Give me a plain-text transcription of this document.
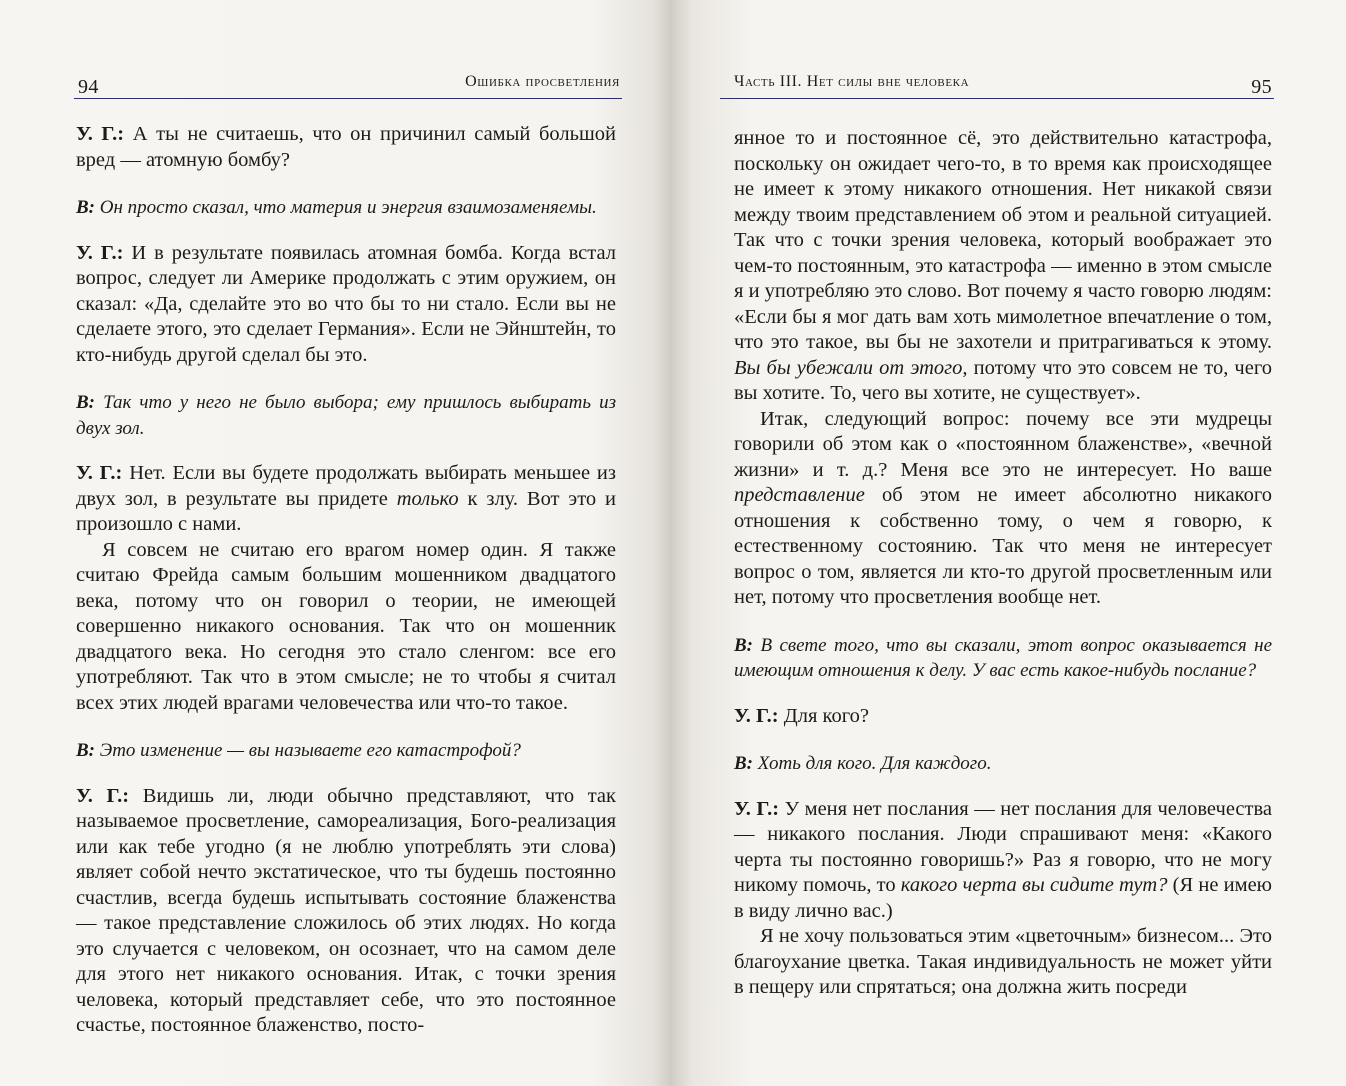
94	Ошибка просветления

У. Г.: А ты не считаешь, что он причинил самый большой вред — атомную бомбу?

В: Он просто сказал, что материя и энергия взаимозаменяемы.

У. Г.: И в результате появилась атомная бомба. Когда встал вопрос, следует ли Америке продолжать с этим оружием, он сказал: «Да, сделайте это во что бы то ни стало. Если вы не сделаете этого, это сделает Германия». Если не Эйнштейн, то кто-нибудь другой сделал бы это.

В: Так что у него не было выбора; ему пришлось выбирать из двух зол.

У. Г.: Нет. Если вы будете продолжать выбирать меньшее из двух зол, в результате вы придете только к злу. Вот это и произошло с нами.

Я совсем не считаю его врагом номер один. Я также считаю Фрейда самым большим мошенником двадцатого века, потому что он говорил о теории, не имеющей совершенно никакого основания. Так что он мошенник двадцатого века. Но сегодня это стало сленгом: все его употребляют. Так что в этом смысле; не то чтобы я считал всех этих людей врагами человечества или что-то такое.

В: Это изменение — вы называете его катастрофой?

У. Г.: Видишь ли, люди обычно представляют, что так называемое просветление, самореализация, Бого-реализация или как тебе угодно (я не люблю употреблять эти слова) являет собой нечто экстатическое, что ты будешь постоянно счастлив, всегда будешь испытывать состояние блаженства — такое представление сложилось об этих людях. Но когда это случается с человеком, он осознает, что на самом деле для этого нет никакого основания. Итак, с точки зрения человека, который представляет себе, что это постоянное счастье, постоянное блаженство, посто-

Часть III. Нет силы вне человека	95

янное то и постоянное сё, это действительно катастрофа, поскольку он ожидает чего-то, в то время как происходящее не имеет к этому никакого отношения. Нет никакой связи между твоим представлением об этом и реальной ситуацией. Так что с точки зрения человека, который воображает это чем-то постоянным, это катастрофа — именно в этом смысле я и употребляю это слово. Вот почему я часто говорю людям: «Если бы я мог дать вам хоть мимолетное впечатление о том, что это такое, вы бы не захотели и притрагиваться к этому. Вы бы убежали от этого, потому что это совсем не то, чего вы хотите. То, чего вы хотите, не существует».

Итак, следующий вопрос: почему все эти мудрецы говорили об этом как о «постоянном блаженстве», «вечной жизни» и т. д.? Меня все это не интересует. Но ваше представление об этом не имеет абсолютно никакого отношения к собственно тому, о чем я говорю, к естественному состоянию. Так что меня не интересует вопрос о том, является ли кто-то другой просветленным или нет, потому что просветления вообще нет.

В: В свете того, что вы сказали, этот вопрос оказывается не имеющим отношения к делу. У вас есть какое-нибудь послание?

У. Г.: Для кого?

В: Хоть для кого. Для каждого.

У. Г.: У меня нет послания — нет послания для человечества — никакого послания. Люди спрашивают меня: «Какого черта ты постоянно говоришь?» Раз я говорю, что не могу никому помочь, то какого черта вы сидите тут? (Я не имею в виду лично вас.)

Я не хочу пользоваться этим «цветочным» бизнесом... Это благоухание цветка. Такая индивидуальность не может уйти в пещеру или спрятаться; она должна жить посреди
